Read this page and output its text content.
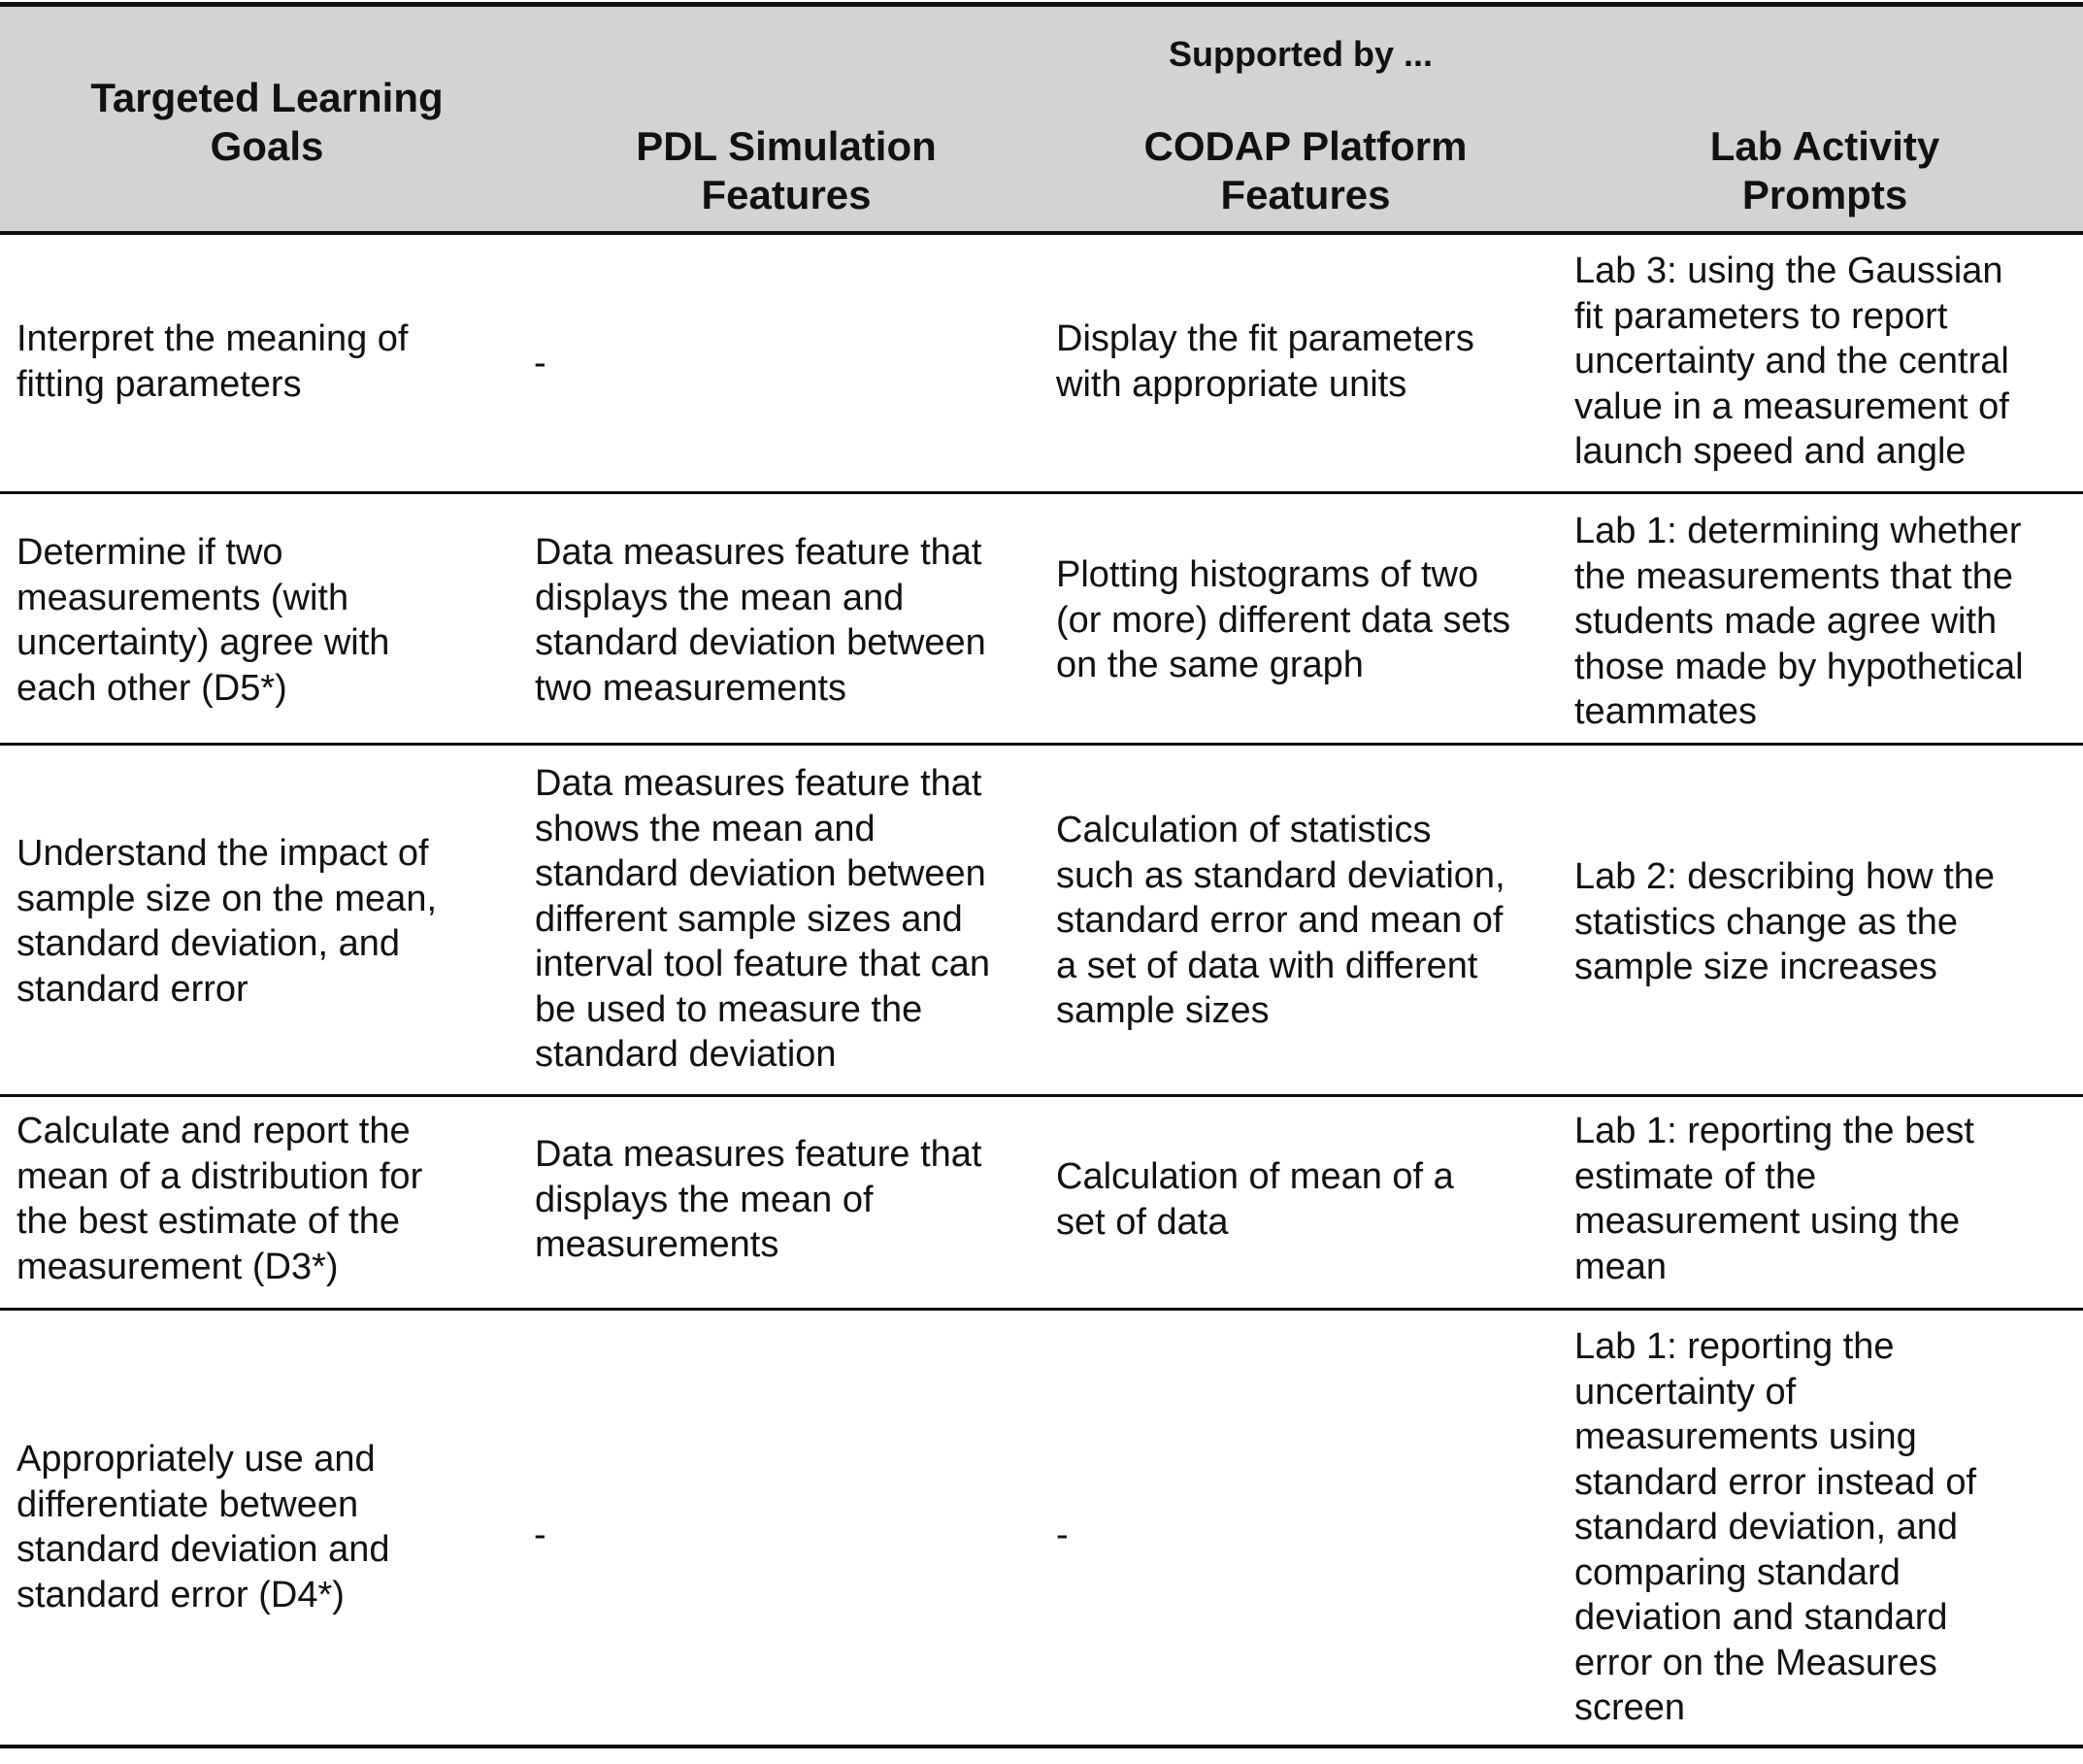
Supported by ...
Targeted Learning
Goals	PDL Simulation
Features
CODAP Platform
Features
Lab Activity
Prompts
Interpret the meaning of
fitting parameters
-
Display the fit parameters
with appropriate units
Lab 3: using the Gaussian
fit parameters to report
uncertainty and the central
value in a measurement of
launch speed and angle
Determine if two
measurements (with
uncertainty) agree with
each other (D5*)
Data measures feature that
displays the mean and
standard deviation between
two measurements
Plotting histograms of two
(or more) different data sets
on the same graph
Lab 1: determining whether
the measurements that the
students made agree with
those made by hypothetical
teammates
Understand the impact of
sample size on the mean,
standard deviation, and
standard error
Data measures feature that
shows the mean and
standard deviation between
different sample sizes and
interval tool feature that can
be used to measure the
standard deviation
Calculation of statistics
such as standard deviation,
standard error and mean of
a set of data with different
sample sizes
Lab 2: describing how the
statistics change as the
sample size increases
Calculate and report the
mean of a distribution for
the best estimate of the
measurement (D3*)
Data measures feature that
displays the mean of
measurements
Calculation of mean of a
set of data
Lab 1: reporting the best
estimate of the
measurement using the
mean
Appropriately use and
differentiate between
standard deviation and
standard error (D4*)
-	-
Lab 1: reporting the
uncertainty of
measurements using
standard error instead of
standard deviation, and
comparing standard
deviation and standard
error on the Measures
screen
